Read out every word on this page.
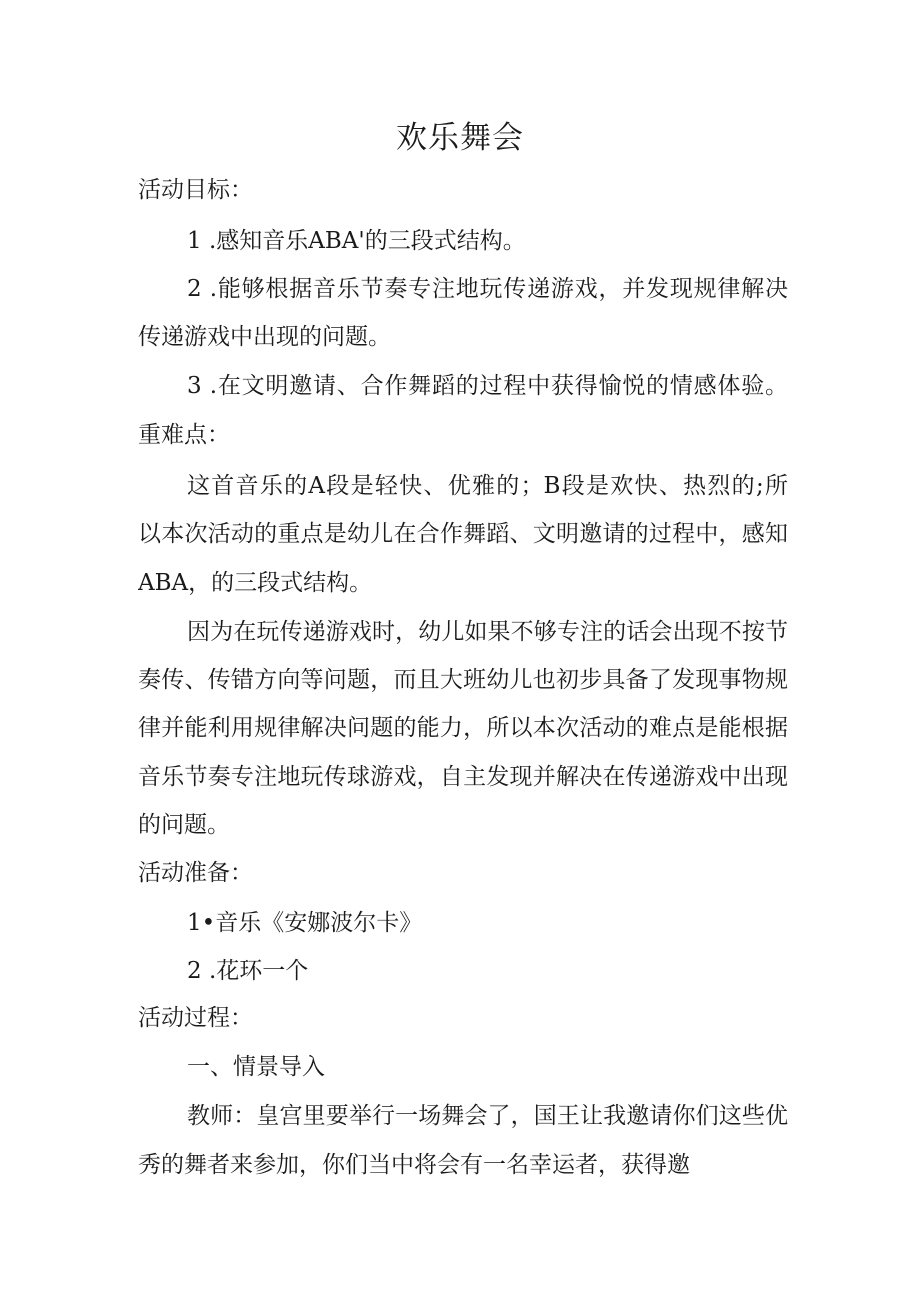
欢乐舞会

活动目标：

1 .感知音乐ABA'的三段式结构。

2 .能够根据音乐节奏专注地玩传递游戏，并发现规律解决

传递游戏中出现的问题。

3 .在文明邀请、合作舞蹈的过程中获得愉悦的情感体验。

重难点：

这首音乐的A段是轻快、优雅的；B段是欢快、热烈的;所

以本次活动的重点是幼儿在合作舞蹈、文明邀请的过程中，感知

ABA，的三段式结构。

因为在玩传递游戏时，幼儿如果不够专注的话会出现不按节

奏传、传错方向等问题，而且大班幼儿也初步具备了发现事物规

律并能利用规律解决问题的能力，所以本次活动的难点是能根据

音乐节奏专注地玩传球游戏，自主发现并解决在传递游戏中出现

的问题。

活动准备：

1•音乐《安娜波尔卡》

2 .花环一个

活动过程：

一、情景导入

教师：皇宫里要举行一场舞会了，国王让我邀请你们这些优

秀的舞者来参加，你们当中将会有一名幸运者，获得邀
